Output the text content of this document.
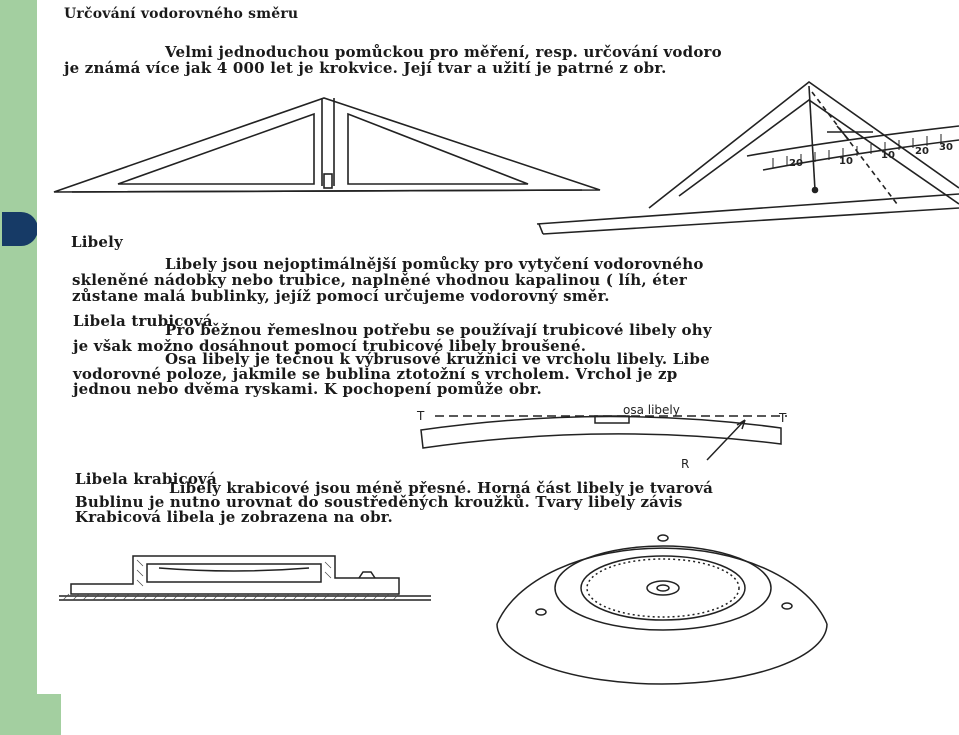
Určování vodorovného směru
Velmi jednoduchou pomůckou pro měření, resp. určování vodoro
je známá více jak 4 000 let je krokvice. Její tvar a užití je patrné z obr.
20	10
10 20 30
Libely
Libely jsou nejoptimálnější pomůcky pro vytyčení vodorovného
skleněné nádobky nebo trubice, naplněné vhodnou kapalinou ( líh, éter
zůstane malá bublinky, jejíž pomocí určujeme vodorovný směr.
Libela trubicová
Pro běžnou řemeslnou potřebu se používají trubicové libely ohy
je však možno dosáhnout pomocí trubicové libely broušené.
Osa libely je tečnou k výbrusové kružnici ve vrcholu libely. Libe
vodorovné poloze, jakmile se bublina ztotožní s vrcholem. Vrchol je zp
jednou nebo dvěma ryskami. K pochopení pomůže obr.
T	T
osa libely
R
Libela krabicová
Libely krabicové jsou méně přesné. Horná část libely je tvarová
Bublinu je nutno urovnat do soustředěných kroužků. Tvary libely závis
Krabicová libela je zobrazena na obr.
